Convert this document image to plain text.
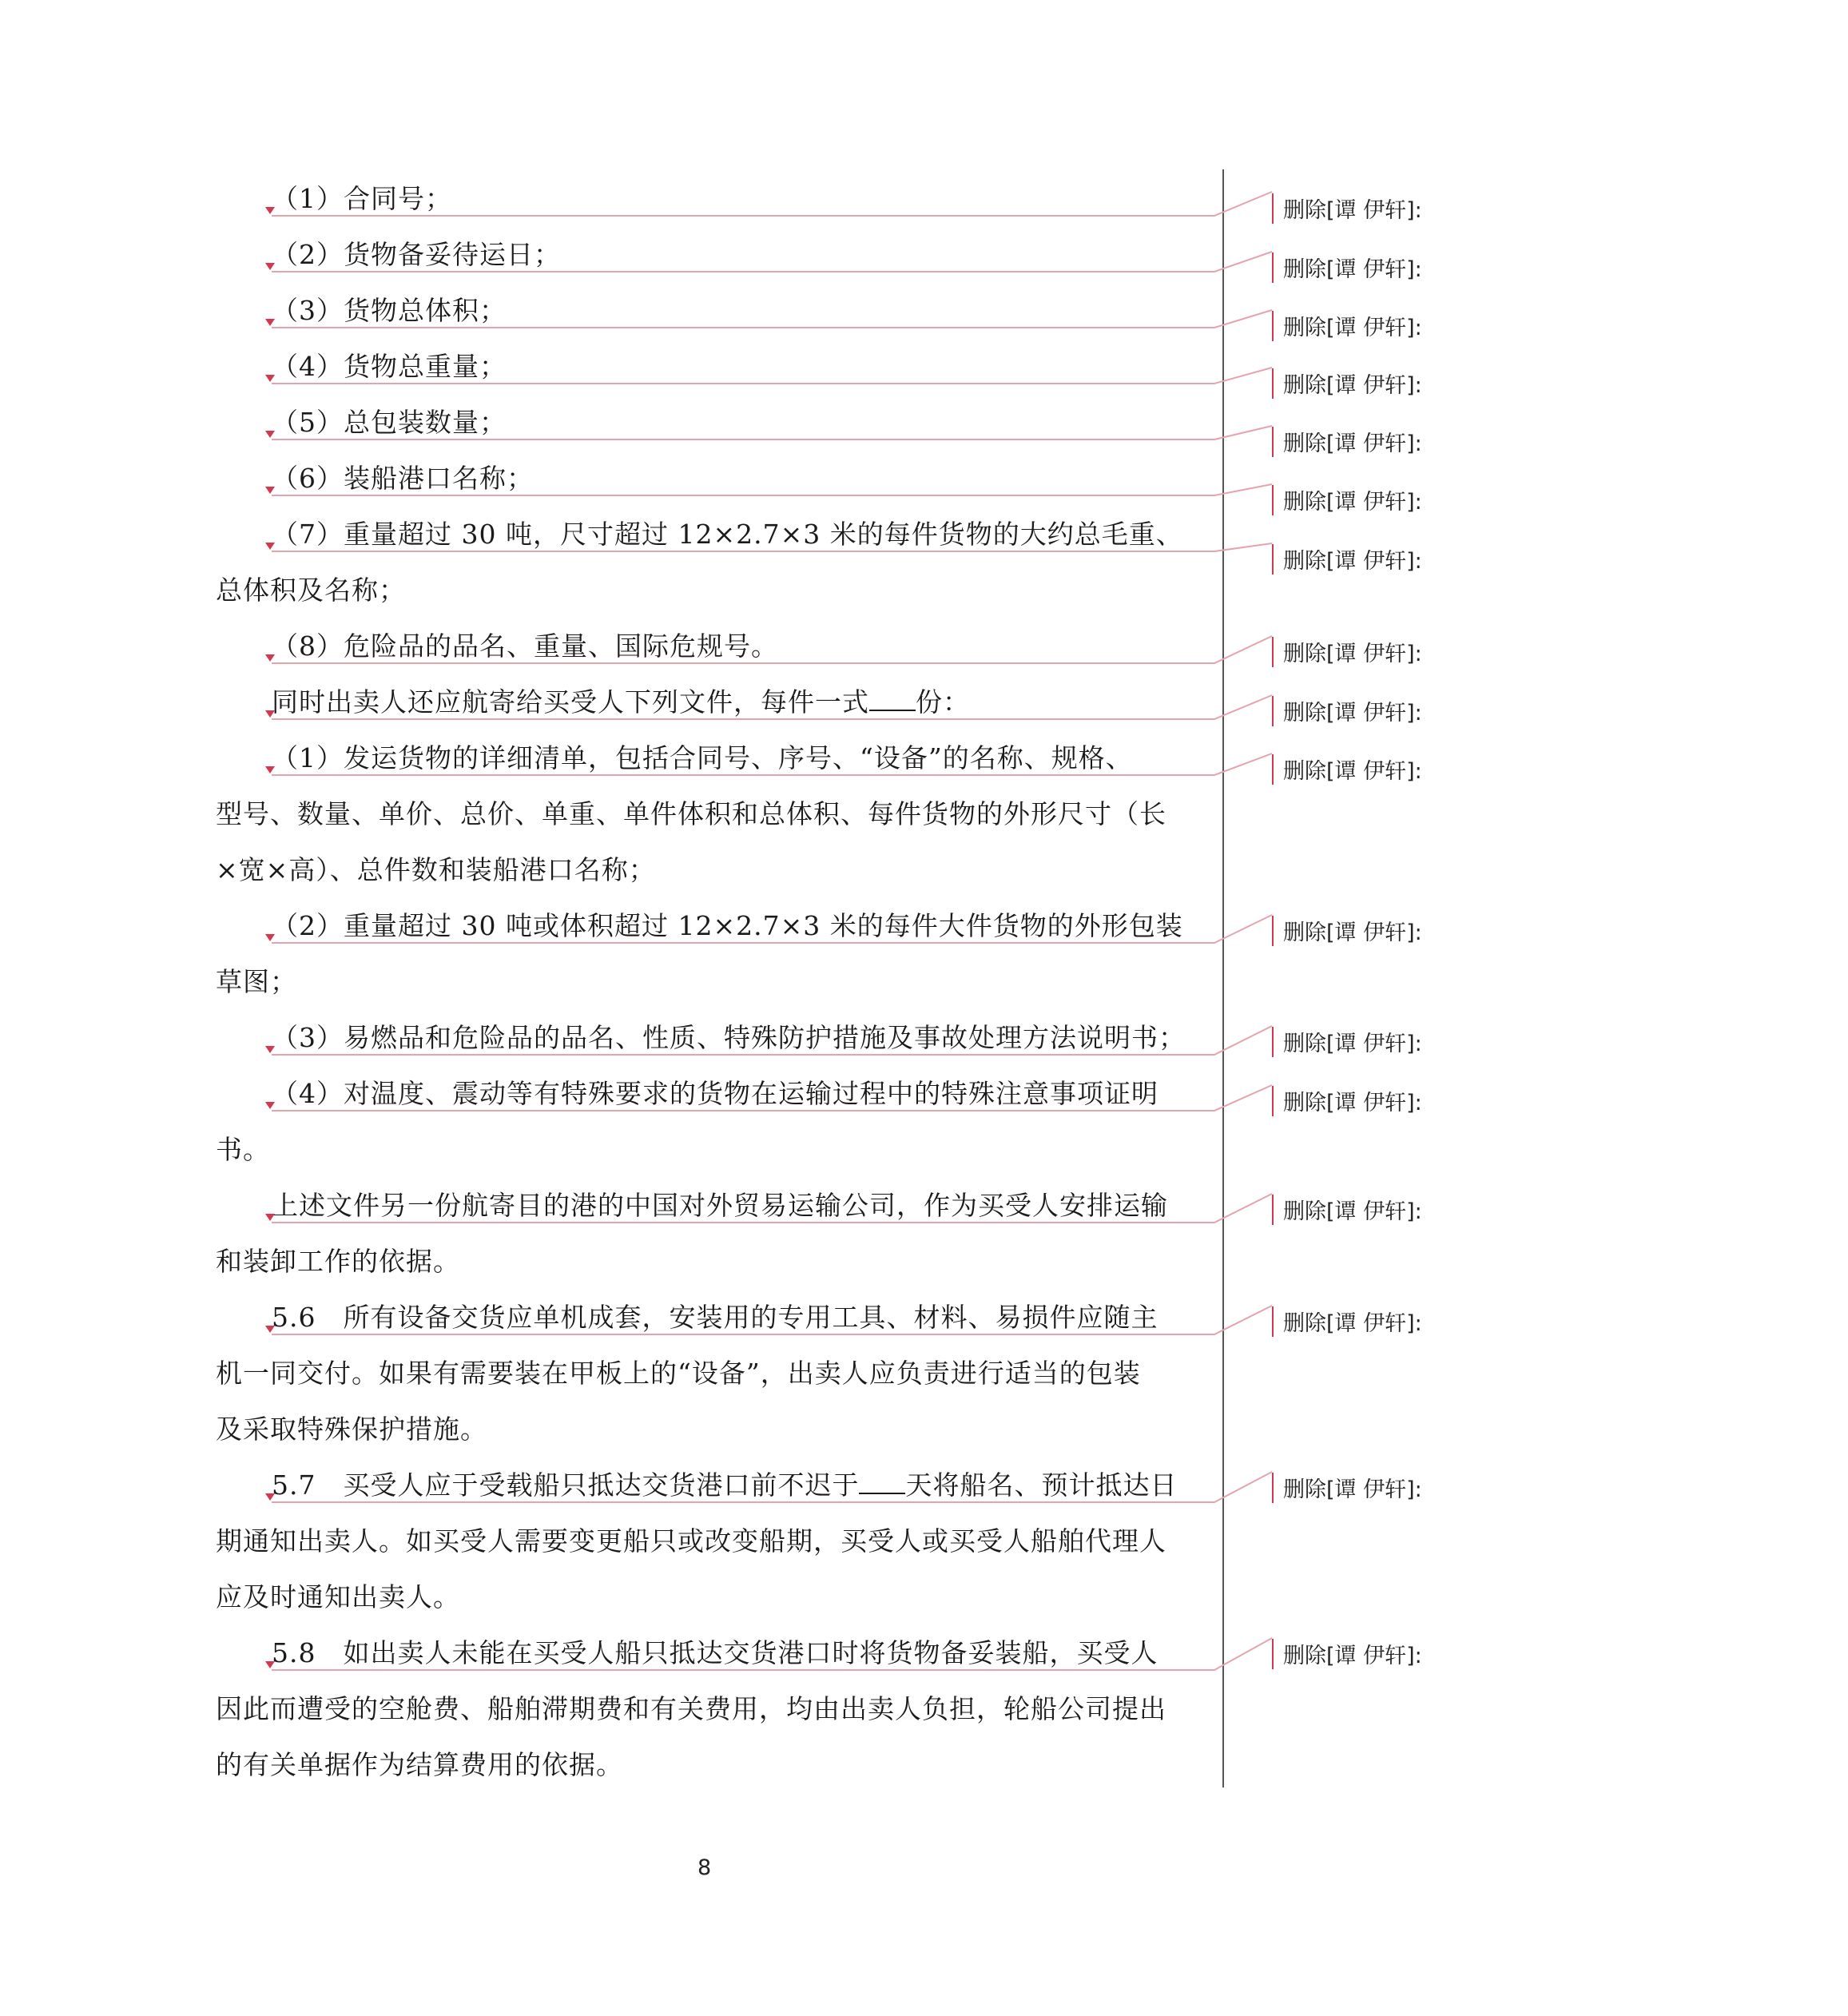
（1）合同号；
（2）货物备妥待运日；
（3）货物总体积；
（4）货物总重量；
（5）总包装数量；
（6）装船港口名称；
（7）重量超过 30 吨，尺寸超过 12×2.7×3 米的每件货物的大约总毛重、
总体积及名称；
（8）危险品的品名、重量、国际危规号。
同时出卖人还应航寄给买受人下列文件，每件一式 份：
（1）发运货物的详细清单，包括合同号、序号、“设备”的名称、规格、
型号、数量、单价、总价、单重、单件体积和总体积、每件货物的外形尺寸（长
×宽×高）、总件数和装船港口名称；
（2）重量超过 30 吨或体积超过 12×2.7×3 米的每件大件货物的外形包装
草图；
（3）易燃品和危险品的品名、性质、特殊防护措施及事故处理方法说明书；
（4）对温度、震动等有特殊要求的货物在运输过程中的特殊注意事项证明
书。
上述文件另一份航寄目的港的中国对外贸易运输公司，作为买受人安排运输
和装卸工作的依据。
5.6　所有设备交货应单机成套，安装用的专用工具、材料、易损件应随主
机一同交付。如果有需要装在甲板上的“设备”，出卖人应负责进行适当的包装
及采取特殊保护措施。
5.7　买受人应于受载船只抵达交货港口前不迟于 天将船名、预计抵达日
期通知出卖人。如买受人需要变更船只或改变船期，买受人或买受人船舶代理人
应及时通知出卖人。
5.8　如出卖人未能在买受人船只抵达交货港口时将货物备妥装船，买受人
因此而遭受的空舱费、船舶滞期费和有关费用，均由出卖人负担，轮船公司提出
的有关单据作为结算费用的依据。
删除[谭 伊轩]:
删除[谭 伊轩]:
删除[谭 伊轩]:
删除[谭 伊轩]:
删除[谭 伊轩]:
删除[谭 伊轩]:
删除[谭 伊轩]:
删除[谭 伊轩]:
删除[谭 伊轩]:
删除[谭 伊轩]:
删除[谭 伊轩]:
删除[谭 伊轩]:
删除[谭 伊轩]:
删除[谭 伊轩]:
删除[谭 伊轩]:
删除[谭 伊轩]:
删除[谭 伊轩]:
8
